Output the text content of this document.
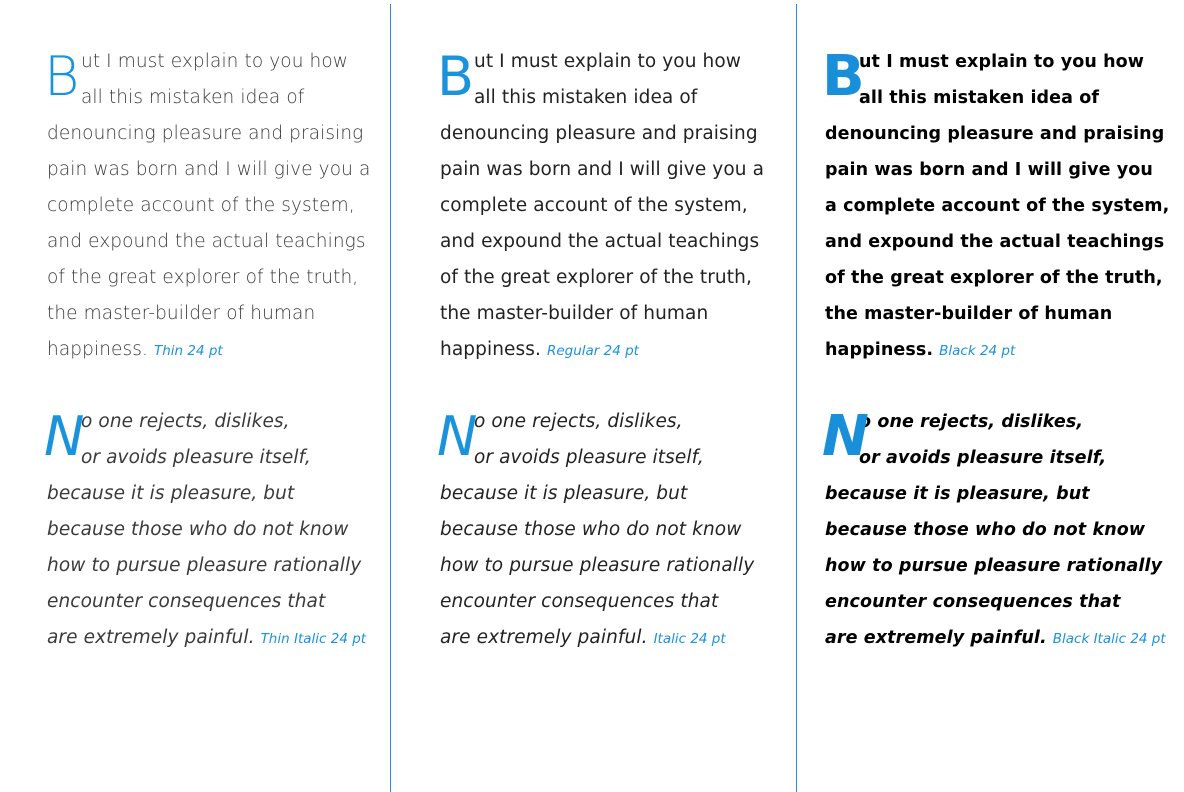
B ut I must explain to you how
all this mistaken idea of
denouncing pleasure and praising
pain was born and I will give you a
complete account of the system,
and expound the actual teachings
of the great explorer of the truth,
the master-builder of human
happiness. Thin 24 pt
N
o one rejects, dislikes,
or avoids pleasure itself,
because it is pleasure, but
because those who do not know
how to pursue pleasure rationally
encounter consequences that
are extremely painful. Thin Italic 24 pt
B ut I must explain to you how
all this mistaken idea of
denouncing pleasure and praising
pain was born and I will give you a
complete account of the system,
and expound the actual teachings
of the great explorer of the truth,
the master-builder of human
happiness. Regular 24 pt
N
o one rejects, dislikes,
or avoids pleasure itself,
because it is pleasure, but
because those who do not know
how to pursue pleasure rationally
encounter consequences that
are extremely painful. Italic 24 pt
B
ut I must explain to you how
all this mistaken idea of
denouncing pleasure and praising
pain was born and I will give you
a complete account of the system,
and expound the actual teachings
of the great explorer of the truth,
the master-builder of human
happiness. Black 24 pt
N
o one rejects, dislikes,
or avoids pleasure itself,
because it is pleasure, but
because those who do not know
how to pursue pleasure rationally
encounter consequences that
are extremely painful. Black Italic 24 pt
